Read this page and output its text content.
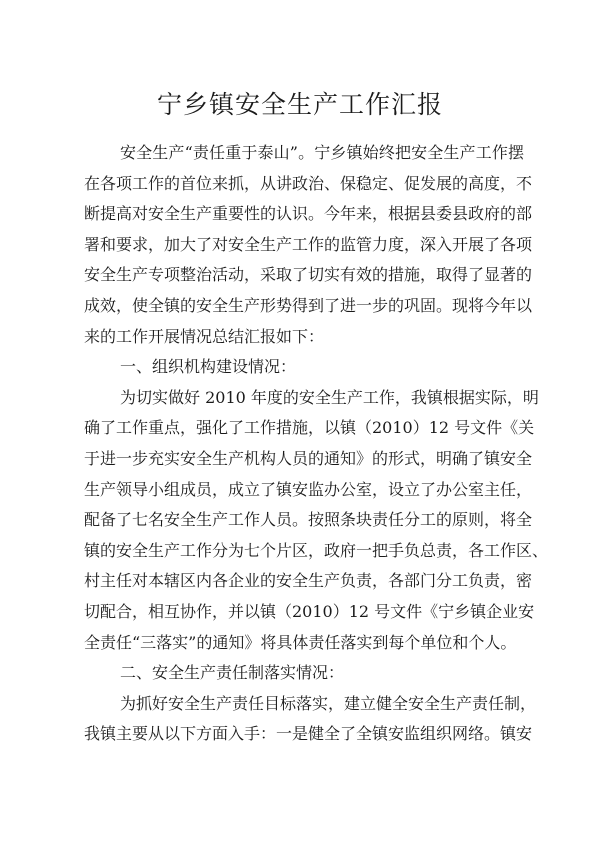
宁乡镇安全生产工作汇报
安全生产“责任重于泰山”。宁乡镇始终把安全生产工作摆
在各项工作的首位来抓，从讲政治、保稳定、促发展的高度，不
断提高对安全生产重要性的认识。今年来，根据县委县政府的部
署和要求，加大了对安全生产工作的监管力度，深入开展了各项
安全生产专项整治活动，采取了切实有效的措施，取得了显著的
成效，使全镇的安全生产形势得到了进一步的巩固。现将今年以
来的工作开展情况总结汇报如下：
一、组织机构建设情况：
为切实做好 2010 年度的安全生产工作，我镇根据实际，明
确了工作重点，强化了工作措施，以镇（2010）12 号文件《关
于进一步充实安全生产机构人员的通知》的形式，明确了镇安全
生产领导小组成员，成立了镇安监办公室，设立了办公室主任，
配备了七名安全生产工作人员。按照条块责任分工的原则，将全
镇的安全生产工作分为七个片区，政府一把手负总责，各工作区、
村主任对本辖区内各企业的安全生产负责，各部门分工负责，密
切配合，相互协作，并以镇（2010）12 号文件《宁乡镇企业安
全责任“三落实”的通知》将具体责任落实到每个单位和个人。
二、安全生产责任制落实情况：
为抓好安全生产责任目标落实，建立健全安全生产责任制，
我镇主要从以下方面入手：一是健全了全镇安监组织网络。镇安
